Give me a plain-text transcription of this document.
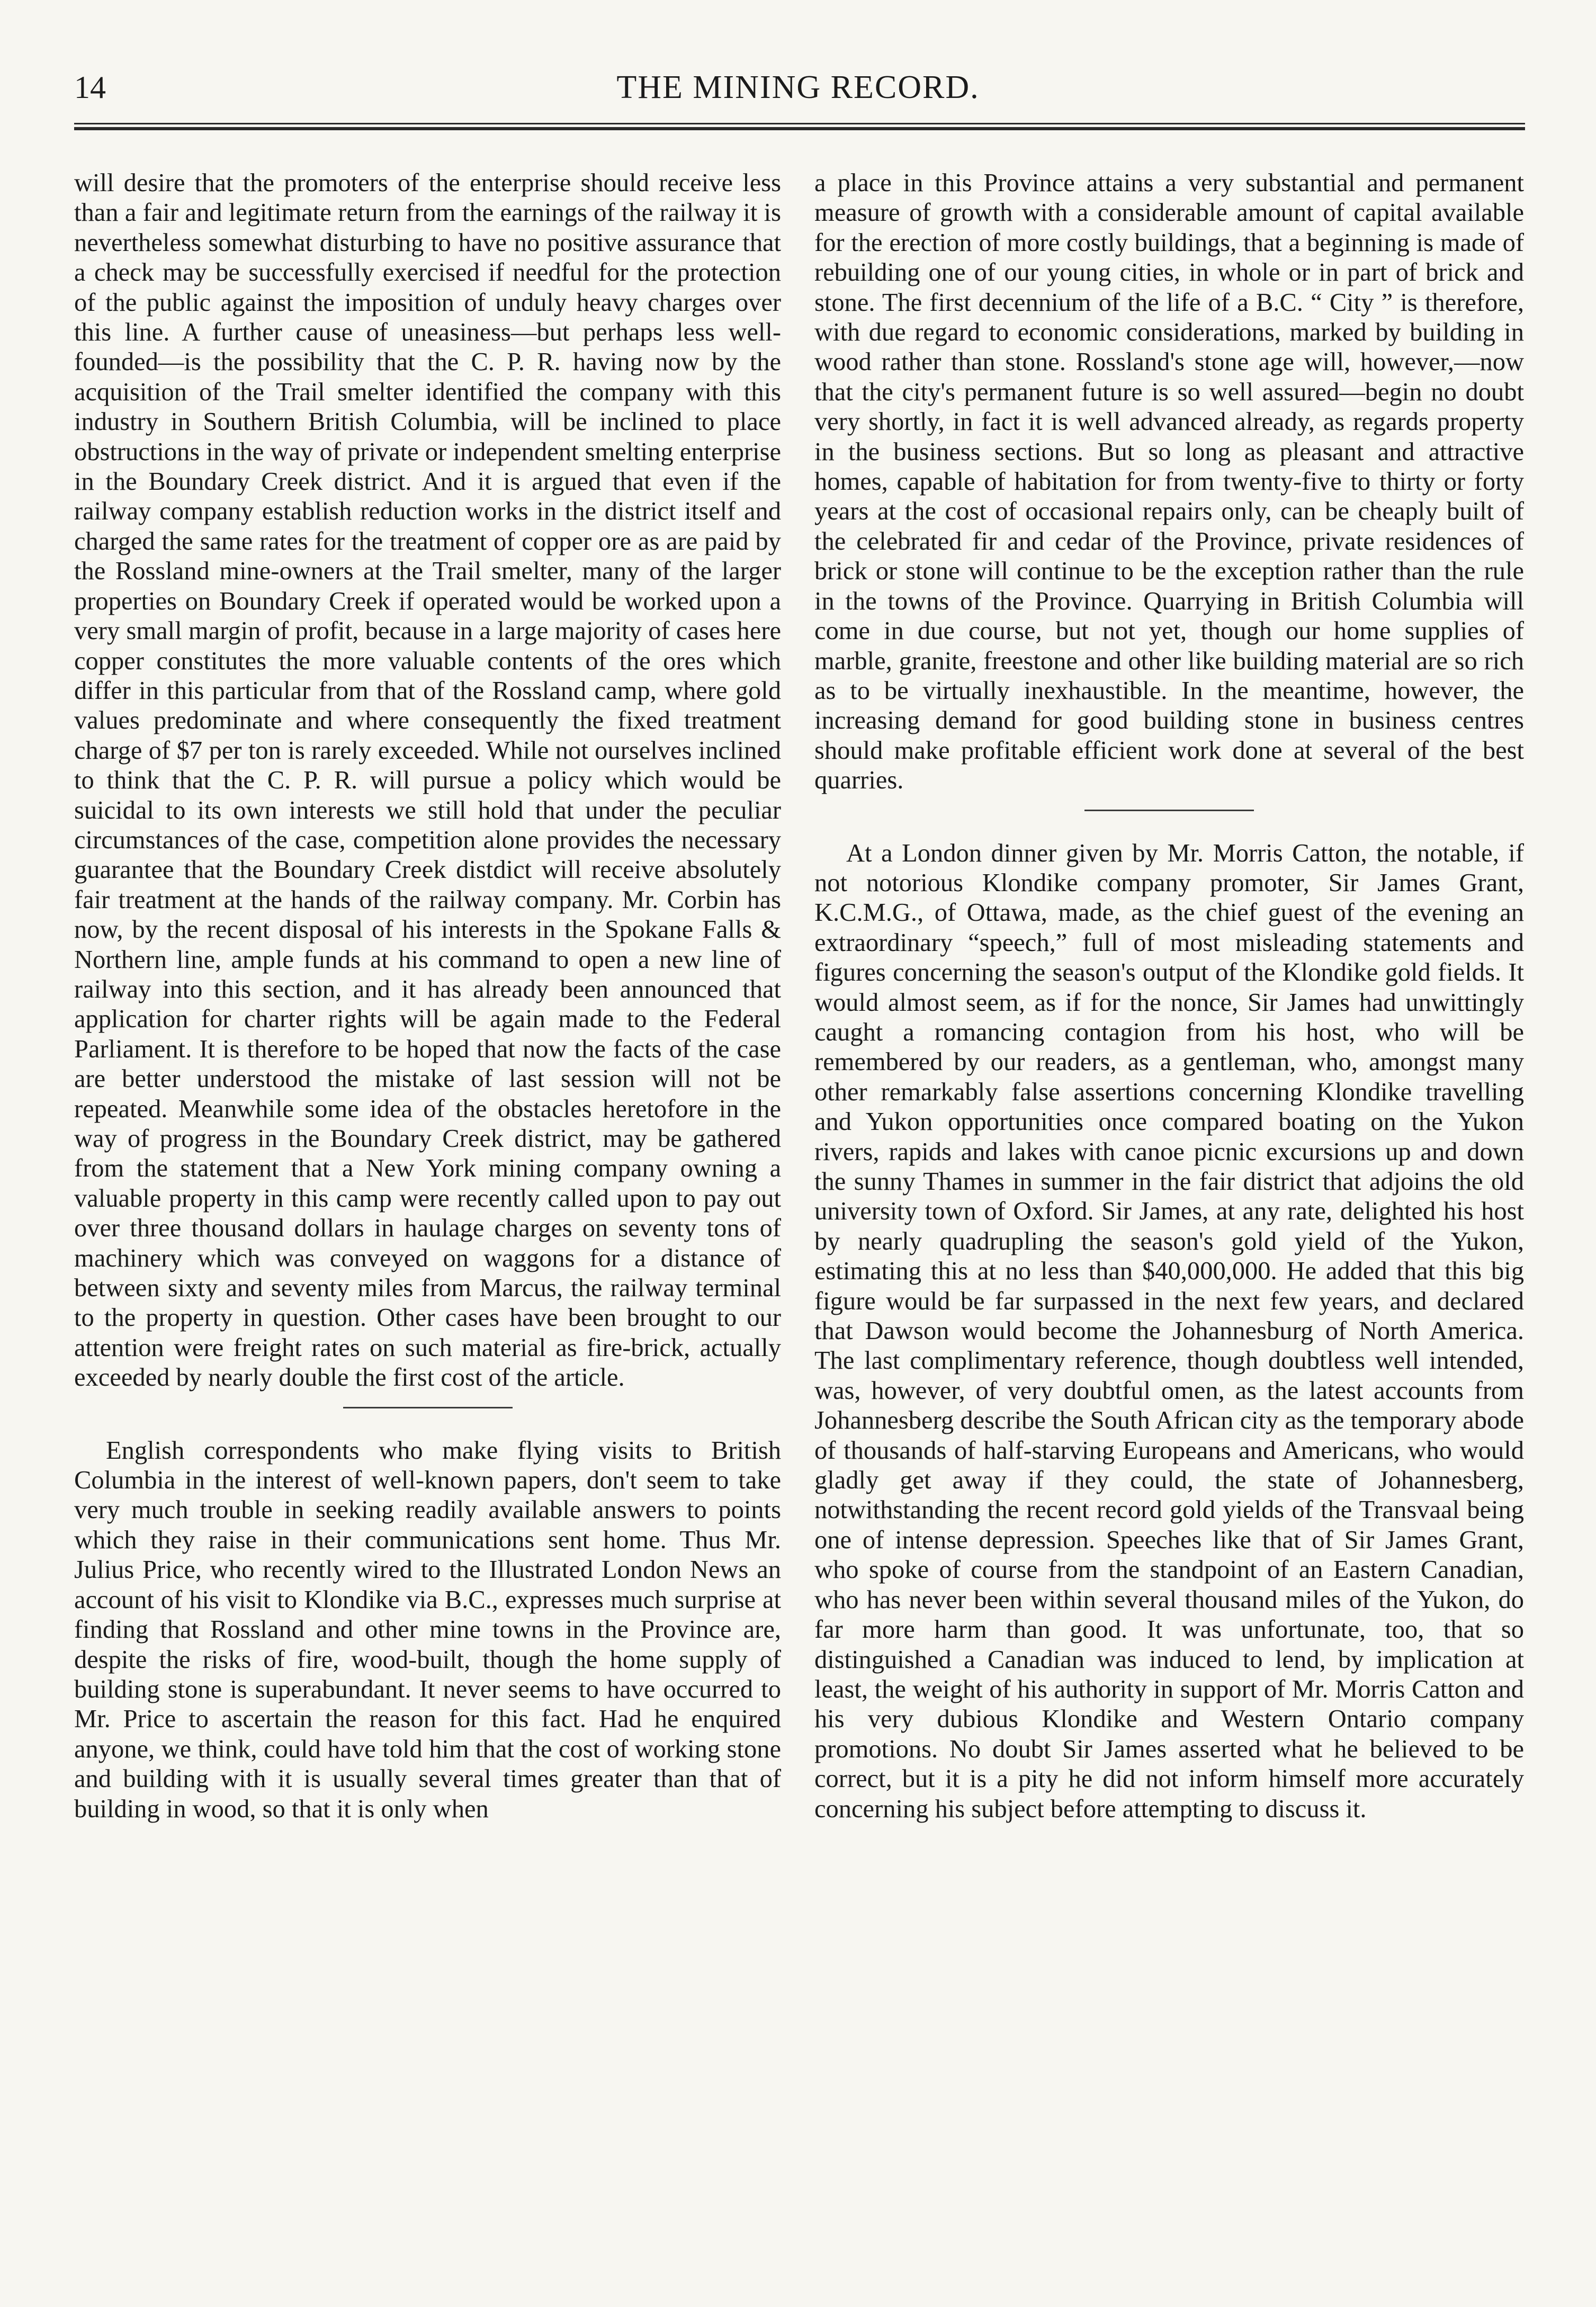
14	THE MINING RECORD.

will desire that the promoters of the enterprise should receive less than a fair and legitimate return from the earnings of the railway it is nevertheless somewhat disturbing to have no positive assurance that a check may be successfully exercised if needful for the protection of the public against the imposition of unduly heavy charges over this line. A further cause of uneasiness—but perhaps less well-founded—is the possibility that the C. P. R. having now by the acquisition of the Trail smelter identified the company with this industry in Southern British Columbia, will be inclined to place obstructions in the way of private or independent smelting enterprise in the Boundary Creek district. And it is argued that even if the railway company establish reduction works in the district itself and charged the same rates for the treatment of copper ore as are paid by the Rossland mine-owners at the Trail smelter, many of the larger properties on Boundary Creek if operated would be worked upon a very small margin of profit, because in a large majority of cases here copper constitutes the more valuable contents of the ores which differ in this particular from that of the Rossland camp, where gold values predominate and where consequently the fixed treatment charge of $7 per ton is rarely exceeded. While not ourselves inclined to think that the C. P. R. will pursue a policy which would be suicidal to its own interests we still hold that under the peculiar circumstances of the case, competition alone provides the necessary guarantee that the Boundary Creek distdict will receive absolutely fair treatment at the hands of the railway company. Mr. Corbin has now, by the recent disposal of his interests in the Spokane Falls & Northern line, ample funds at his command to open a new line of railway into this section, and it has already been announced that application for charter rights will be again made to the Federal Parliament. It is therefore to be hoped that now the facts of the case are better understood the mistake of last session will not be repeated. Meanwhile some idea of the obstacles heretofore in the way of progress in the Boundary Creek district, may be gathered from the statement that a New York mining company owning a valuable property in this camp were recently called upon to pay out over three thousand dollars in haulage charges on seventy tons of machinery which was conveyed on waggons for a distance of between sixty and seventy miles from Marcus, the railway terminal to the property in question. Other cases have been brought to our attention were freight rates on such material as fire-brick, actually exceeded by nearly double the first cost of the article.

English correspondents who make flying visits to British Columbia in the interest of well-known papers, don't seem to take very much trouble in seeking readily available answers to points which they raise in their communications sent home. Thus Mr. Julius Price, who recently wired to the Illustrated London News an account of his visit to Klondike via B.C., expresses much surprise at finding that Rossland and other mine towns in the Province are, despite the risks of fire, wood-built, though the home supply of building stone is superabundant. It never seems to have occurred to Mr. Price to ascertain the reason for this fact. Had he enquired anyone, we think, could have told him that the cost of working stone and building with it is usually several times greater than that of building in wood, so that it is only when

a place in this Province attains a very substantial and permanent measure of growth with a considerable amount of capital available for the erection of more costly buildings, that a beginning is made of rebuilding one of our young cities, in whole or in part of brick and stone. The first decennium of the life of a B.C. “ City ” is therefore, with due regard to economic considerations, marked by building in wood rather than stone. Rossland's stone age will, however,—now that the city's permanent future is so well assured—begin no doubt very shortly, in fact it is well advanced already, as regards property in the business sections. But so long as pleasant and attractive homes, capable of habitation for from twenty-five to thirty or forty years at the cost of occasional repairs only, can be cheaply built of the celebrated fir and cedar of the Province, private residences of brick or stone will continue to be the exception rather than the rule in the towns of the Province. Quarrying in British Columbia will come in due course, but not yet, though our home supplies of marble, granite, freestone and other like building material are so rich as to be virtually inexhaustible. In the meantime, however, the increasing demand for good building stone in business centres should make profitable efficient work done at several of the best quarries.

At a London dinner given by Mr. Morris Catton, the notable, if not notorious Klondike company promoter, Sir James Grant, K.C.M.G., of Ottawa, made, as the chief guest of the evening an extraordinary “speech,” full of most misleading statements and figures concerning the season's output of the Klondike gold fields. It would almost seem, as if for the nonce, Sir James had unwittingly caught a romancing contagion from his host, who will be remembered by our readers, as a gentleman, who, amongst many other remarkably false assertions concerning Klondike travelling and Yukon opportunities once compared boating on the Yukon rivers, rapids and lakes with canoe picnic excursions up and down the sunny Thames in summer in the fair district that adjoins the old university town of Oxford. Sir James, at any rate, delighted his host by nearly quadrupling the season's gold yield of the Yukon, estimating this at no less than $40,000,000. He added that this big figure would be far surpassed in the next few years, and declared that Dawson would become the Johannesburg of North America. The last complimentary reference, though doubtless well intended, was, however, of very doubtful omen, as the latest accounts from Johannesberg describe the South African city as the temporary abode of thousands of half-starving Europeans and Americans, who would gladly get away if they could, the state of Johannesberg, notwithstanding the recent record gold yields of the Transvaal being one of intense depression. Speeches like that of Sir James Grant, who spoke of course from the standpoint of an Eastern Canadian, who has never been within several thousand miles of the Yukon, do far more harm than good. It was unfortunate, too, that so distinguished a Canadian was induced to lend, by implication at least, the weight of his authority in support of Mr. Morris Catton and his very dubious Klondike and Western Ontario company promotions. No doubt Sir James asserted what he believed to be correct, but it is a pity he did not inform himself more accurately concerning his subject before attempting to discuss it.
